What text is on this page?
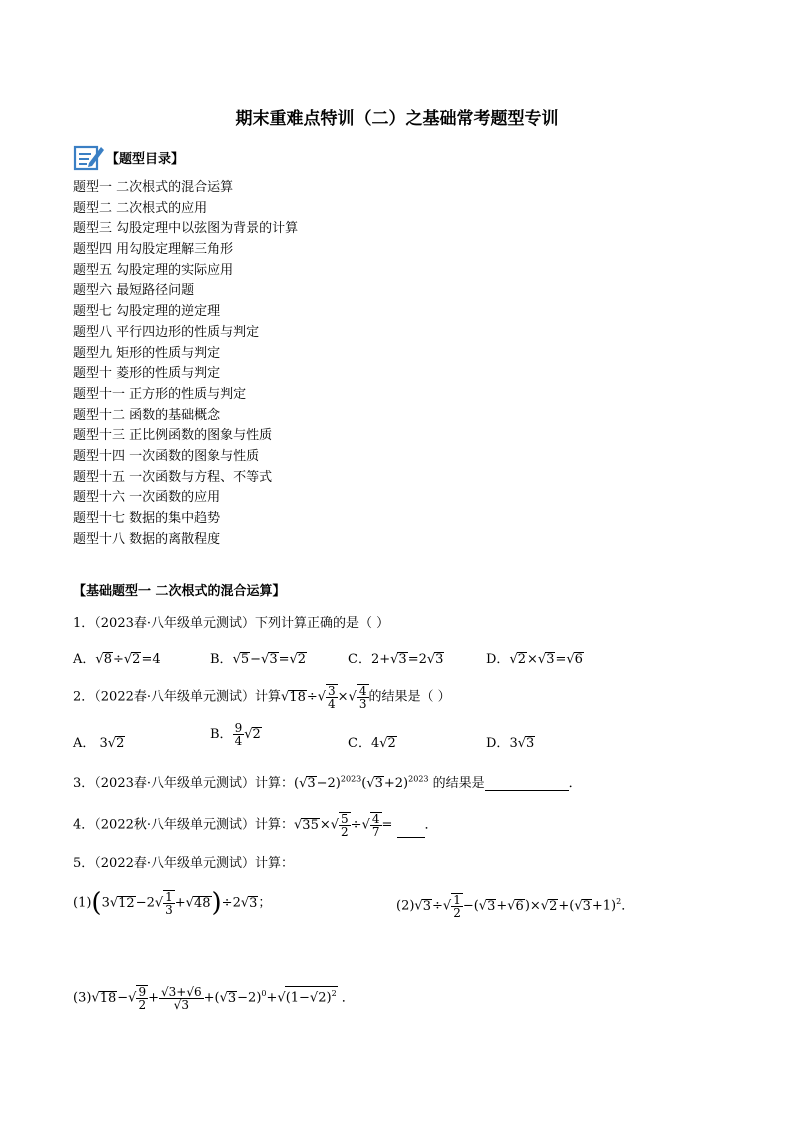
期末重难点特训（二）之基础常考题型专训
【题型目录】
题型一 二次根式的混合运算
题型二 二次根式的应用
题型三 勾股定理中以弦图为背景的计算
题型四 用勾股定理解三角形
题型五 勾股定理的实际应用
题型六 最短路径问题
题型七 勾股定理的逆定理
题型八 平行四边形的性质与判定
题型九 矩形的性质与判定
题型十 菱形的性质与判定
题型十一 正方形的性质与判定
题型十二 函数的基础概念
题型十三 正比例函数的图象与性质
题型十四 一次函数的图象与性质
题型十五 一次函数与方程、不等式
题型十六 一次函数的应用
题型十七 数据的集中趋势
题型十八 数据的离散程度
【基础题型一 二次根式的混合运算】
1．（2023春·八年级单元测试）下列计算正确的是（ ）
A．√8÷√2=4	B．√5−√3=√2	C．2+√3=2√3	D．√2×√3=√6
2．（2022春·八年级单元测试）计算$√18\div√ \frac{3}{4}$ ×√ $\frac{4}{3}$ 的结果是（ ）
A． 3√2
B． $\frac{9}{4} √2$
C．4√2	D．3√3
3．（2023春·八年级单元测试）计算：$(√3-2)^{2023}(√3+2)^{2023}$ 的结果是	．
4．（2022秋·八年级单元测试）计算：$√35\times√ \frac{5}{2}$ ÷√ $\frac{4}{7}$ = ．
5．（2022春·八年级单元测试）计算：
$(1)(3√12-2√ \frac{1}{3} +√48)\div 2√3$；	$(2)√3\div√ \frac{1}{2} -(√3+√6)\times√2+(√3+1)^2$．
$(3)√18-√ \frac{9}{2} + \frac{√3+√6}{√3} +(√3-2)^0+√(1-√2)^2$ ．
